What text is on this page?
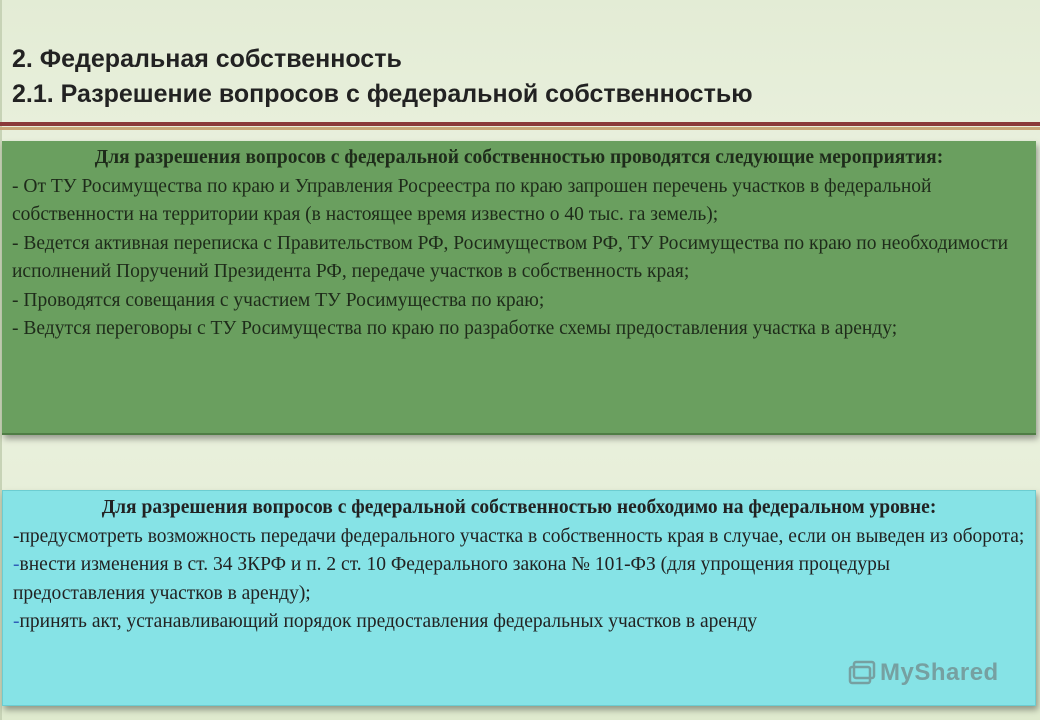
2. Федеральная собственность
2.1. Разрешение вопросов с федеральной собственностью
Для разрешения вопросов с федеральной собственностью проводятся следующие мероприятия:
- От ТУ Росимущества по краю и Управления Росреестра по краю запрошен перечень участков в федеральной собственности на территории края (в настоящее время известно о 40 тыс. га земель);
- Ведется активная переписка с Правительством РФ, Росимуществом РФ, ТУ Росимущества по краю по необходимости исполнений Поручений Президента РФ, передаче участков в собственность края;
- Проводятся совещания с участием ТУ Росимущества по краю;
- Ведутся переговоры с ТУ Росимущества по краю по разработке схемы предоставления участка в аренду;
Для разрешения вопросов с федеральной собственностью необходимо на федеральном уровне:
-предусмотреть возможность передачи федерального участка в собственность края в случае, если он выведен из оборота;
-внести изменения в ст. 34 ЗКРФ и п. 2 ст. 10 Федерального закона № 101-ФЗ (для упрощения процедуры предоставления участков в аренду);
-принять акт, устанавливающий порядок предоставления федеральных участков в аренду
MyShared
